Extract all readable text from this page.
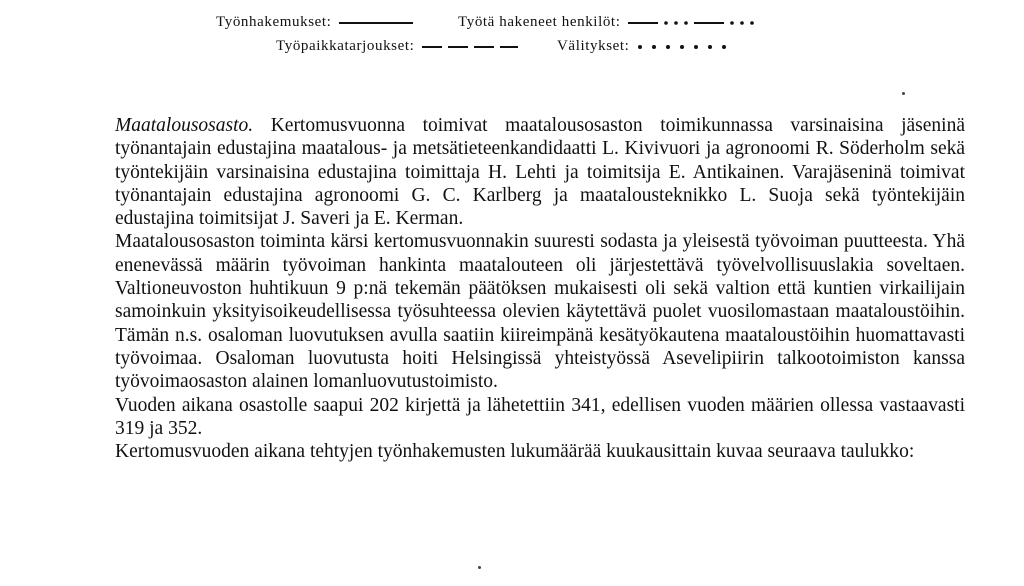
Työnhakemukset:	Työtä hakeneet henkilöt:
Työpaikkatarjoukset:	Välitykset:

Maatalousosasto. Kertomusvuonna toimivat maatalousosaston toimikunnassa varsinaisina jäseninä työnantajain edustajina maatalous- ja metsätieteenkandidaatti L. Kivivuori ja agronoomi R. Söderholm sekä työntekijäin varsinaisina edustajina toimittaja H. Lehti ja toimitsija E. Antikainen. Varajäseninä toimivat työnantajain edustajina agronoomi G. C. Karlberg ja maatalousteknikko L. Suoja sekä työntekijäin edustajina toimitsijat J. Saveri ja E. Kerman.

Maatalousosaston toiminta kärsi kertomusvuonnakin suuresti sodasta ja yleisestä työvoiman puutteesta. Yhä enenevässä määrin työvoiman hankinta maatalouteen oli järjestettävä työvelvollisuuslakia soveltaen. Valtioneuvoston huhtikuun 9 p:nä tekemän päätöksen mukaisesti oli sekä valtion että kuntien virkailijain samoinkuin yksityisoikeudellisessa työsuhteessa olevien käytettävä puolet vuosilomastaan maataloustöihin. Tämän n.s. osaloman luovutuksen avulla saatiin kiireimpänä kesätyökautena maataloustöihin huomattavasti työvoimaa. Osaloman luovutusta hoiti Helsingissä yhteistyössä Asevelipiirin talkootoimiston kanssa työvoimaosaston alainen lomanluovutustoimisto.

Vuoden aikana osastolle saapui 202 kirjettä ja lähetettiin 341, edellisen vuoden määrien ollessa vastaavasti 319 ja 352.

Kertomusvuoden aikana tehtyjen työnhakemusten lukumäärää kuukausittain kuvaa seuraava taulukko:
